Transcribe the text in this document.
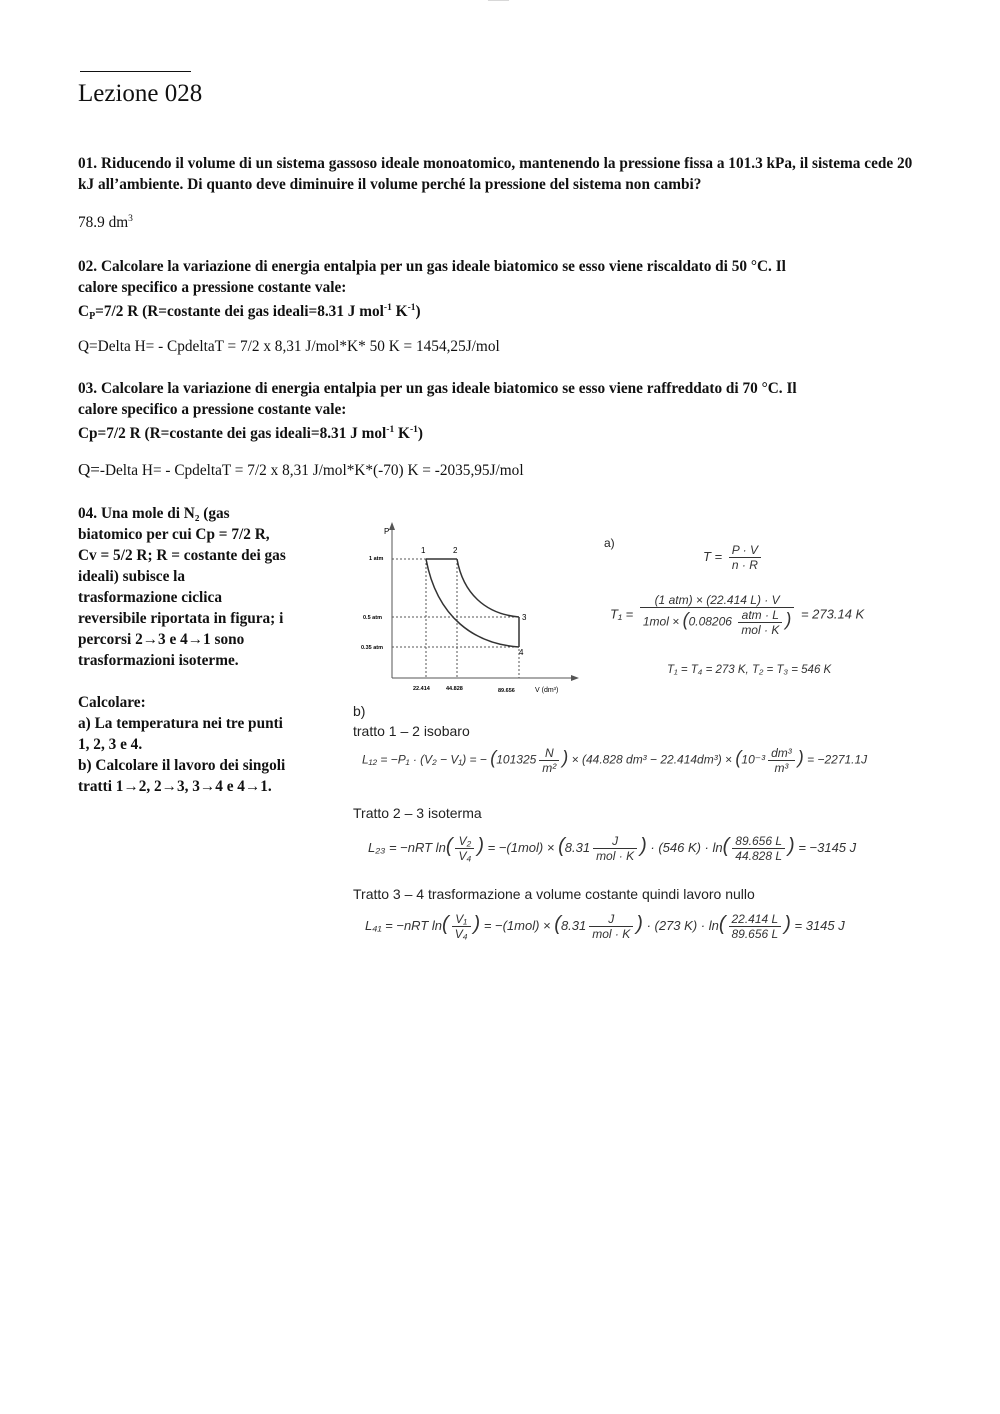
———
Lezione 028
01. Riducendo il volume di un sistema gassoso ideale monoatomico, mantenendo la pressione fissa a 101.3 kPa, il sistema cede 20 kJ all’ambiente. Di quanto deve diminuire il volume perché la pressione del sistema non cambi?
78.9 $dm^3$
02. Calcolare la variazione di energia entalpia per un gas ideale biatomico se esso viene riscaldato di 50 °C. Il
calore specifico a pressione costante vale:
$C_P=7/2$ R (R=costante dei gas ideali=8.31 J mol$^{-1}$ $K^{-1}$)
Q=Delta H= - CpdeltaT = 7/2 x 8,31 J/mol*K* 50 K = 1454,25J/mol
03. Calcolare la variazione di energia entalpia per un gas ideale biatomico se esso viene raffreddato di 70 °C. Il
calore specifico a pressione costante vale:
Cp=7/2 R (R=costante dei gas ideali=8.31 J mol$^{-1}$ $K^{-1}$)
Q=-Delta H= - CpdeltaT = 7/2 x 8,31 J/mol*K*(-70) K = -2035,95J/mol
04. Una mole di N₂ (gas
biatomico per cui Cp = 7/2 R,
Cv = 5/2 R; R = costante dei gas
ideali) subisce la
trasformazione ciclica
reversibile riportata in figura; i
percorsi 2→3 e 4→1 sono
trasformazioni isoterme.
Calcolare:
a) La temperatura nei tre punti
1, 2, 3 e 4.
b) Calcolare il lavoro dei singoli
tratti 1→2, 2→3, 3→4 e 4→1.
P
1 atm
0.5 atm
0.35 atm
22.414	44.828	89.656	V (dm³)
1	2
3
4
a)
$T = \frac{P \cdot V}{n \cdot R}$
$T_1 = \frac{\text{(1 atm) × (22.414 L) · V}}{1mol \times (0.08206 \frac{\text{atm · L}}{\text{mol · K}} )} = 273.14$ K
T₁ = T₄ = 273 K, T₂ = T₃ = 546 K
b)
tratto 1 – 2 isobaro
L₁₂ = −P₁ · (V₂ − V₁) = − ($101325 \frac{N}{\text{m²}}$ ) × (44.828 $dm^3 - 22.414dm^3) \times (10^{-3} \frac{\text{dm³}}{\text{m³}}$ ) = −2271.1J
Tratto 2 – 3 isoterma
L₂₃ = −nRT $\ln( \frac{\text{V₂}}{\text{V₄}}$ ) = $-(1mol) \times (8.31 \frac{J}{\text{mol · K}}$ ) · (546 $K) \cdot \ln( \frac{89.656 L}{44.828 L}$ ) = −3145 J
Tratto 3 – 4 trasformazione a volume costante quindi lavoro nullo
L₄₁ = −nRT $\ln( \frac{\text{V₁}}{\text{V₄}}$ ) = $-(1mol) \times (8.31 \frac{J}{\text{mol · K}}$ ) · (273 $K) \cdot \ln( \frac{22.414 L}{89.656 L}$ ) = 3145 J
